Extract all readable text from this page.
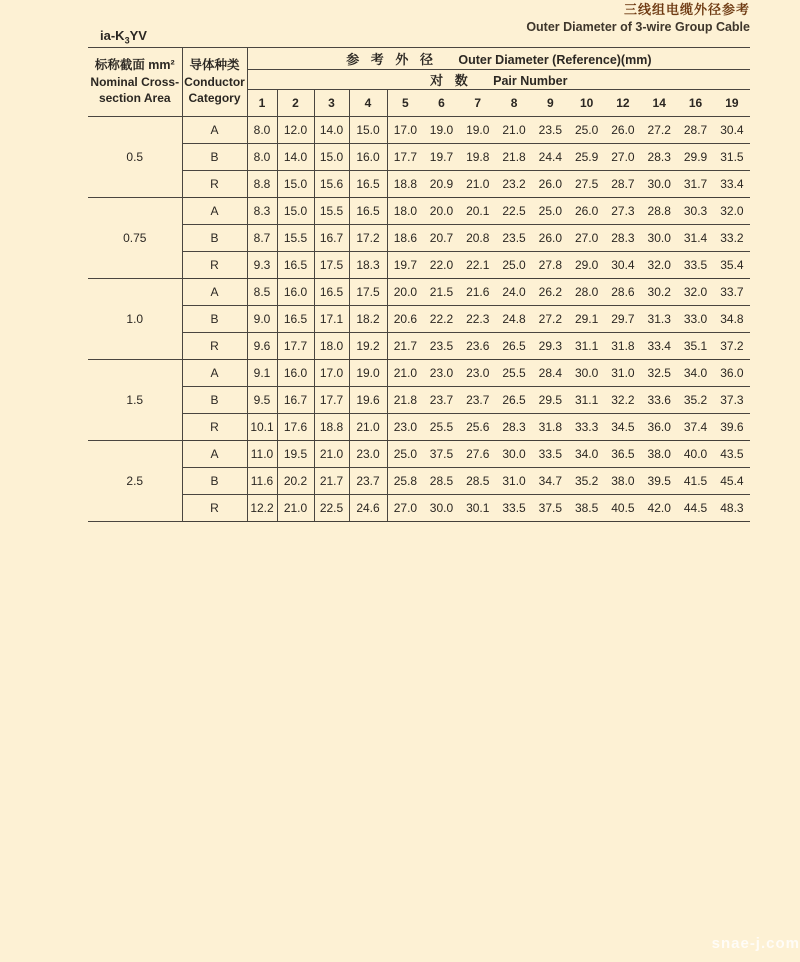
三线组电缆外径参考
Outer Diameter of 3-wire Group Cable
$ia-K_3YV$
标称截面 mm²
Nominal Cross-
section Area

导体种类
Conductor
Category
	参 考 外 径 Outer Diameter (Reference)(mm)
		对 数 Pair Number													
		1	2	3	4	5	6	7	8	9	10	12	14	16	19
0.5	A	8.0	12.0	14.0	15.0	17.0	19.0	19.0	21.0	23.5	25.0	26.0	27.2	28.7	30.4
	B	8.0	14.0	15.0	16.0	17.7	19.7	19.8	21.8	24.4	25.9	27.0	28.3	29.9	31.5
	R	8.8	15.0	15.6	16.5	18.8	20.9	21.0	23.2	26.0	27.5	28.7	30.0	31.7	33.4
0.75	A	8.3	15.0	15.5	16.5	18.0	20.0	20.1	22.5	25.0	26.0	27.3	28.8	30.3	32.0
	B	8.7	15.5	16.7	17.2	18.6	20.7	20.8	23.5	26.0	27.0	28.3	30.0	31.4	33.2
	R	9.3	16.5	17.5	18.3	19.7	22.0	22.1	25.0	27.8	29.0	30.4	32.0	33.5	35.4
1.0	A	8.5	16.0	16.5	17.5	20.0	21.5	21.6	24.0	26.2	28.0	28.6	30.2	32.0	33.7
	B	9.0	16.5	17.1	18.2	20.6	22.2	22.3	24.8	27.2	29.1	29.7	31.3	33.0	34.8
	R	9.6	17.7	18.0	19.2	21.7	23.5	23.6	26.5	29.3	31.1	31.8	33.4	35.1	37.2
1.5	A	9.1	16.0	17.0	19.0	21.0	23.0	23.0	25.5	28.4	30.0	31.0	32.5	34.0	36.0
	B	9.5	16.7	17.7	19.6	21.8	23.7	23.7	26.5	29.5	31.1	32.2	33.6	35.2	37.3
	R	10.1	17.6	18.8	21.0	23.0	25.5	25.6	28.3	31.8	33.3	34.5	36.0	37.4	39.6
2.5	A	11.0	19.5	21.0	23.0	25.0	37.5	27.6	30.0	33.5	34.0	36.5	38.0	40.0	43.5
	B	11.6	20.2	21.7	23.7	25.8	28.5	28.5	31.0	34.7	35.2	38.0	39.5	41.5	45.4
	R	12.2	21.0	22.5	24.6	27.0	30.0	30.1	33.5	37.5	38.5	40.5	42.0	44.5	48.3
snae-j.com
